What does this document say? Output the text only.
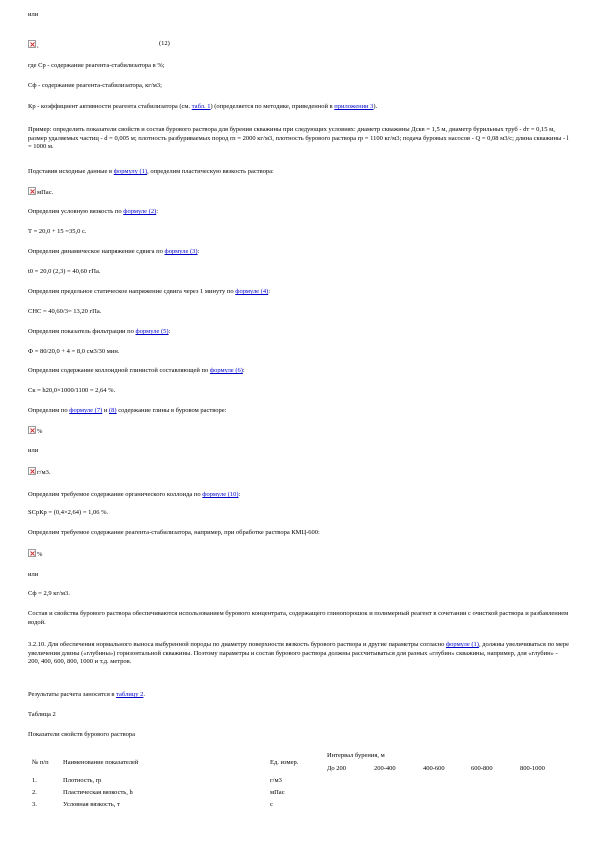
или
,	(12)
где Ср - содержание реагента-стабилизатора в %;
Сф - содержание реагента-стабилизатора, кг/м3;
Кр - коэффициент активности реагента стабилизатора (см. табл. 1) (определяется по методике, приведенной в приложении 3).
Пример: определить показатели свойств и состав бурового раствора для бурения скважины при следующих условиях: диаметр скважины Дскв = 1,5 м, диаметр бурильных труб - dт = 0,15 м, размер удаляемых частиц - d = 0,005 м; плотность разбуриваемых пород rп = 2000 кг/м3, плотность бурового раствора rр = 1100 кг/м3; подача буровых насосов - Q = 0,08 м3/с; длина скважины - l = 1000 м.
Подставив исходные данные в формулу (1), определим пластическую вязкость раствора:
мПас.
Определим условную вязкость по формуле (2):
Т = 20,0 + 15 =35,0 с.
Определим динамическое напряжение сдвига по формуле (3):
t0 = 20,0 (2,3) = 40,60 гПа.
Определим предельное статическое напряжение сдвига через 1 минуту по формуле (4):
СНС = 40,60/3= 13,20 гПа.
Определим показатель фильтрации по формуле (5):
Ф = 80/20,0 + 4 = 8,0 см3/30 мин.
Определим содержание коллоидной глинистой составляющей по формуле (6):
Ск = h20,0×1000/1100 = 2,64 %.
Определим по формуле (7) и (8) содержание глины в буровом растворе:
%
или
г/м3.
Определим требуемое содержание органического коллоида по формуле (10):
SСрКр = (0,4×2,64) = 1,06 %.
Определим требуемое содержание реагента-стабилизатора, например, при обработке раствора КМЦ-600:
%
или
Сф = 2,9 кг/м3.
Состав и свойства бурового раствора обеспечиваются использованием бурового концентрата, содержащего глинопорошок и полимерный реагент в сочетании с очисткой раствора и разбавлением водой.
3.2.10. Для обеспечения нормального выноса выбуренной породы по диаметру поверхности вязкость бурового раствора и другие параметры согласно формуле (1), должны увеличиваться по мере увеличения длины («глубины») горизонтальной скважины. Поэтому параметры и состав бурового раствора должны рассчитываться для разных «глубин» скважины, например, для «глубин» - 200, 400, 600, 800, 1000 и т.д. метров.
Результаты расчета заносятся в таблицу 2.
Таблица 2
Показатели свойств бурового раствора
№ п/п Наименование показателей	Ед. измер.
Интервал бурения, м
До 200	200-400	400-600	600-800	800-1000
1.	Плотность, rр	г/м3
2.	Пластическая вязкость, h	мПас
3.	Условная вязкость, т	с
